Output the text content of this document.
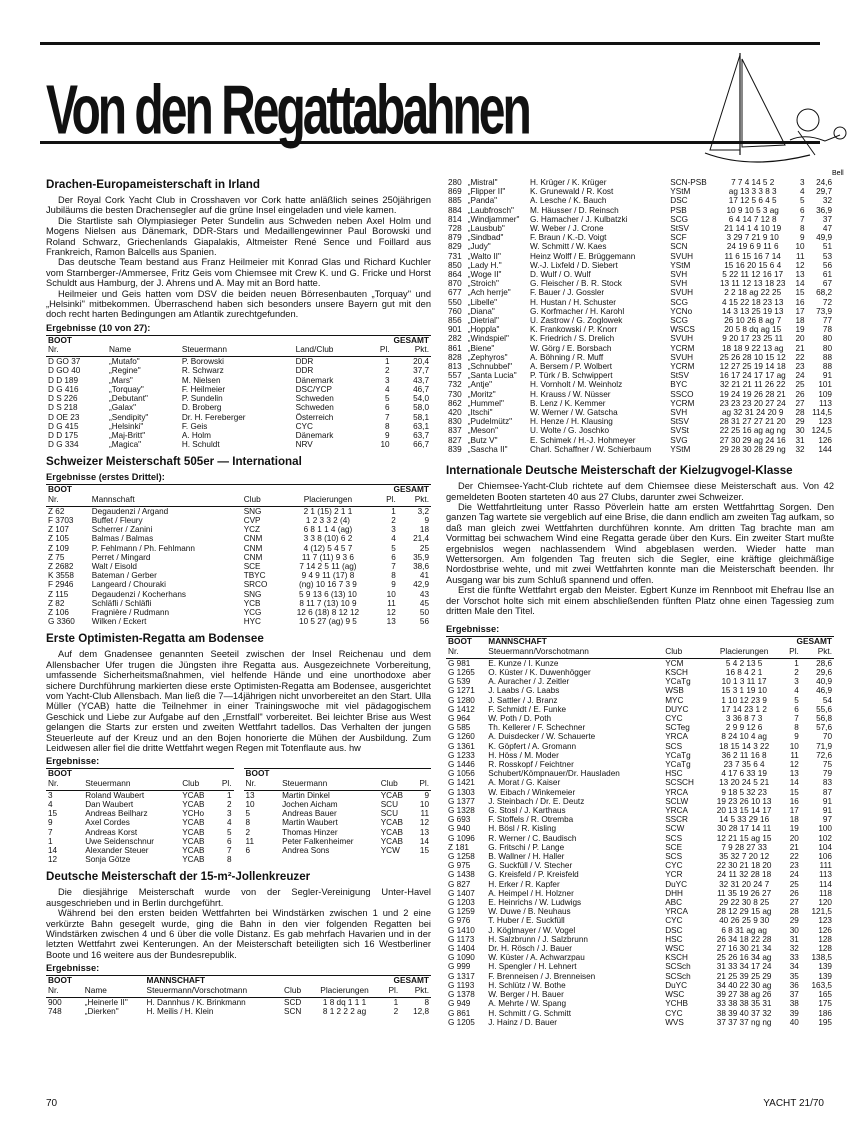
Von den Regattabahnen
Bell
Drachen-Europameisterschaft in Irland

Der Royal Cork Yacht Club in Crosshaven vor Cork hatte anläßlich seines 250jährigen Jubiläums die besten Drachensegler auf die grüne Insel eingeladen und viele kamen.

Die Startliste sah Olympiasieger Peter Sundelin aus Schweden neben Axel Holm und Mogens Nielsen aus Dänemark, DDR-Stars und Medaillengewinner Paul Borowski und Roland Schwarz, Griechenlands Giapalakis, Altmeister René Sence und Foillard aus Frankreich, Ramon Balcells aus Spanien.

Das deutsche Team bestand aus Franz Heilmeier mit Konrad Glas und Richard Kuchler vom Starnberger-/Ammersee, Fritz Geis vom Chiemsee mit Crew K. und G. Fricke und Horst Schuldt aus Hamburg, der J. Ahrens und A. May mit an Bord hatte.

Heilmeier und Geis hatten vom DSV die beiden neuen Börresenbauten „Torquay" und „Helsinki" mitbekommen. Überraschend haben sich besonders unsere Bayern gut mit den doch recht harten Bedingungen am Atlantik zurechtgefunden.

Ergebnisse (10 von 27):
BOOT				GESAMT	
Nr.	Name	Steuermann	Land/Club	Pl.	Pkt.

D GO 37	„Mutafo"	P. Borowski	DDR	1	20,4
D GO 40	„Regine"	R. Schwarz	DDR	2	37,7
D D 189	„Mars"	M. Nielsen	Dänemark	3	43,7
D G 416	„Torquay"	F. Heilmeier	DSC/YCP	4	46,7
D S 226	„Debutant"	P. Sundelin	Schweden	5	54,0
D S 218	„Galax"	D. Broberg	Schweden	6	58,0
D OE 23	„Sendipity"	Dr. H. Fereberger	Österreich	7	58,1
D G 415	„Helsinki"	F. Geis	CYC	8	63,1
D D 175	„Maj-Britt"	A. Holm	Dänemark	9	63,7
D G 334	„Magica"	H. Schuldt	NRV	10	66,7
Schweizer Meisterschaft 505er — International
Ergebnisse (erstes Drittel):
BOOT				GESAMT	
Nr.	Mannschaft	Club	Placierungen	Pl.	Pkt.

Z 62	Degaudenzi / Argand	SNG	2 1 (15) 2 1 1	1	3,2
F 3703	Buffet / Fleury	CVP	1 2 3 3 2 (4)	2	9
Z 107	Scherrer / Zanini	YCZ	6 8 1 1 4 (ag)	3	18
Z 105	Balmas / Balmas	CNM	3 3 8 (10) 6 2	4	21,4
Z 109	P. Fehlmann / Ph. Fehlmann	CNM	4 (12) 5 4 5 7	5	25
Z 75	Perret / Mingard	CNM	11 7 (11) 9 3 6	6	35,9
Z 2682	Walt / Eisold	SCE	7 14 2 5 11 (ag)	7	38,6
K 3558	Bateman / Gerber	TBYC	9 4 9 11 (17) 8	8	41
F 2946	Langeard / Chouraki	SRCO	(ng) 10 16 7 3 9	9	42,9
Z 115	Degaudenzi / Kocherhans	SNG	5 9 13 6 (13) 10	10	43
Z 82	Schläfli / Schläfli	YCB	8 11 7 (13) 10 9	11	45
Z 106	Fragnière / Rudmann	YCG	12 6 (18) 8 12 12	12	50
G 3360	Wilken / Eckert	HYC	10 5 27 (ag) 9 5	13	56
Erste Optimisten-Regatta am Bodensee

Auf dem Gnadensee genannten Seeteil zwischen der Insel Reichenau und dem Allensbacher Ufer trugen die Jüngsten ihre Regatta aus. Ausgezeichnete Vorbereitung, umfassende Sicherheitsmaßnahmen, viel helfende Hände und eine unorthodoxe aber sichere Durchführung markierten diese erste Optimisten-Regatta am Bodensee, ausgerichtet vom Yacht-Club Allensbach. Man ließ die 7—14jährigen nicht unvorbereitet an den Start. Ulla Müller (YCAB) hatte die Teilnehmer in einer Trainingswoche mit viel pädagogischem Geschick und Liebe zur Aufgabe auf den „Ernstfall" vorbereitet. Bei leichter Brise aus West gelangen die Starts zur ersten und zweiten Wettfahrt tadellos. Das Verhalten der jungen Steuerleute auf der Kreuz und an den Bojen honorierte die Mühen der Ausbildung. Zum Leidwesen aller fiel die dritte Wettfahrt wegen Regen mit Totenflaute aus. hw

Ergebnisse:
BOOT			
Nr.	Steuermann	Club	Pl.

3	Roland Waubert	YCAB	1
4	Dan Waubert	YCAB	2
15	Andreas Beilharz	YCHo	3
9	Axel Cordes	YCAB	4
7	Andreas Korst	YCAB	5
1	Uwe Seidenschnur	YCAB	6
14	Alexander Steuer	YCAB	7
12	Sonja Götze	YCAB	8
BOOT			
Nr.	Steuermann	Club	Pl.

13	Martin Dinkel	YCAB	9
10	Jochen Aicham	SCU	10
5	Andreas Bauer	SCU	11
8	Martin Waubert	YCAB	12
2	Thomas Hinzer	YCAB	13
11	Peter Falkenheimer	YCAB	14
6	Andrea Sons	YCW	15
Deutsche Meisterschaft der 15-m²-Jollenkreuzer

Die diesjährige Meisterschaft wurde von der Segler-Vereinigung Unter-Havel ausgeschrieben und in Berlin durchgeführt.

Während bei den ersten beiden Wettfahrten bei Windstärken zwischen 1 und 2 eine verkürzte Bahn gesegelt wurde, ging die Bahn in den vier folgenden Regatten bei Windstärken zwischen 4 und 6 über die volle Distanz. Es gab mehrfach Havarien und in der letzten Wettfahrt zwei Kenterungen. An der Meisterschaft beteiligten sich 16 Westberliner Boote und 16 weitere aus der Bundesrepublik.

Ergebnisse:
BOOT		MANNSCHAFT			GESAMT	
Nr.	Name	Steuermann/Vorschotmann	Club	Placierungen	Pl.	Pkt.

900	„Heinerle II"	H. Dannhus / K. Brinkmann	SCD	1 8 dq 1 1 1	1	8
748	„Dierken"	H. Meilis / H. Klein	SCN	8 1 2 2 2 ag	2	12,8
280	„Mistral"	H. Krüger / K. Krüger	SCN-PSB	7 7 4 14 5 2	3	24,6
869	„Flipper II"	K. Grunewald / R. Kost	YStM	ag 13 3 3 8 3	4	29,7
885	„Panda"	A. Lesche / K. Bauch	DSC	17 12 5 6 4 5	5	32
884	„Laubfrosch"	M. Häusser / D. Reinsch	PSB	10 9 10 5 3 ag	6	36,9
814	„Windjammer"	G. Hamacher / J. Kulbatzki	SCG	6 4 14 7 12 8	7	37
728	„Lausbub"	W. Weber / J. Crone	StSV	21 14 1 4 10 19	8	47
879	„Sindbad"	F. Braun / K.-D. Voigt	SCF	3 29 7 21 9 10	9	49,9
829	„Judy"	W. Schmitt / W. Kaes	SCN	24 19 6 9 11 6	10	51
731	„Walto II"	Heinz Wolff / E. Brüggemann	SVUH	11 6 15 16 7 14	11	53
850	„Lady H."	W.-J. Lixfeld / D. Siebert	YStM	15 16 20 15 6 4	12	56
864	„Woge II"	D. Wulf / O. Wulf	SVH	5 22 11 12 16 17	13	61
870	„Stroich"	G. Fleischer / B. R. Stock	SVH	13 11 12 13 18 23	14	67
677	„Ach herrje"	F. Bauer / J. Gossler	SVUH	2 2 18 ag 22 25	15	68,2
550	„Libelle"	H. Hustan / H. Schuster	SCG	4 15 22 18 23 13	16	72
760	„Diana"	G. Korfmacher / H. Karohl	YCNo	14 3 13 25 19 13	17	73,9
856	„Dietrial"	U. Zastrow / G. Zoglowek	SCG	26 10 26 8 ag 7	18	77
901	„Hoppla"	K. Frankowski / P. Knorr	WSCS	20 5 8 dq ag 15	19	78
282	„Windspiel"	K. Friedrich / S. Drelich	SVUH	9 20 17 23 25 11	20	80
861	„Biene"	W. Görg / E. Borsbach	YCRM	18 18 9 22 13 ag	21	80
828	„Zephyros"	A. Böhning / R. Muff	SVUH	25 26 28 10 15 12	22	88
813	„Schnubbel"	A. Bersem / P. Wolbert	YCRM	12 27 25 19 14 18	23	88
557	„Santa Lucia"	P. Türk / B. Schwippert	StSV	16 17 24 17 17 ag	24	91
732	„Antje"	H. Vornholt / M. Weinholz	BYC	32 21 21 11 26 22	25	101
730	„Moritz"	H. Krauss / W. Nüsser	SSCO	19 24 19 26 28 21	26	109
862	„Hummel"	B. Lenz / K. Kemmer	YCRM	23 23 23 20 27 24	27	113
420	„Itschi"	W. Werner / W. Gatscha	SVH	ag 32 31 24 20 9	28	114,5
830	„Pudelmütz"	H. Henze / H. Klausing	StSV	28 31 27 27 21 20	29	123
837	„Meson"	U. Wolte / G. Joschko	SVSt	22 25 16 ag ag ng	30	124,5
827	„Butz V"	E. Schimek / H.-J. Hohmeyer	SVG	27 30 29 ag 24 16	31	126
839	„Sascha II"	Charl. Schaffner / W. Schierbaum	YStM	29 28 30 28 29 ng	32	144
Internationale Deutsche Meisterschaft der Kielzugvogel-Klasse

Der Chiemsee-Yacht-Club richtete auf dem Chiemsee diese Meisterschaft aus. Von 42 gemeldeten Booten starteten 40 aus 27 Clubs, darunter zwei Schweizer.

Die Wettfahrtleitung unter Rasso Pöverlein hatte am ersten Wettfahrttag Sorgen. Den ganzen Tag wartete sie vergeblich auf eine Brise, die dann endlich am zweiten Tag aufkam, so daß man gleich zwei Wettfahrten durchführen konnte. Am dritten Tag brachte man am Vormittag bei schwachem Wind eine Regatta gerade über den Kurs. Ein zweiter Start mußte ergebnislos wegen nachlassendem Wind abgeblasen werden. Wieder hatte man Wettersorgen. Am folgenden Tag freuten sich die Segler, eine kräftige gleichmäßige Nordostbrise wehte, und mit zwei Wettfahrten konnte man die Meisterschaft beenden. Ihr Ausgang war bis zum Schluß spannend und offen.

Erst die fünfte Wettfahrt ergab den Meister. Egbert Kunze im Rennboot mit Ehefrau Ilse an der Vorschot holte sich mit einem abschließenden fünften Platz ohne einen Tagessieg zum dritten Male den Titel.

Ergebnisse:
BOOT	MANNSCHAFT			GESAMT	
Nr.	Steuermann/Vorschotmann	Club	Placierungen	Pl.	Pkt.

G 981	E. Kunze / I. Kunze	YCM	5 4 2 13 5	1	28,6
G 1265	O. Küster / K. Duwenhögger	KSCH	16 8 4 2 1	2	29,6
G 539	A. Auracher / J. Zeitler	YCaTg	10 1 3 11 17	3	40,9
G 1271	J. Laabs / G. Laabs	WSB	15 3 1 19 10	4	46,9
G 1280	J. Sattler / J. Branz	MYC	1 10 12 23 9	5	54
G 1412	F. Schmidt / E. Funke	DUYC	17 14 23 1 2	6	55,6
G 964	W. Poth / D. Poth	CYC	3 36 8 7 3	7	56,8
G 585	Th. Kellerer / F. Schechner	SCTeg	2 9 9 12 6	8	57,6
G 1260	A. Duisdecker / W. Schauerte	YRCA	8 24 10 4 ag	9	70
G 1361	K. Göpfert / A. Gromann	SCS	18 15 14 3 22	10	71,9
G 1233	H. Höss / M. Moder	YCaTg	36 2 11 16 8	11	72,6
G 1446	R. Rosskopf / Feichtner	YCaTg	23 7 35 6 4	12	75
G 1056	Schubert/Kömpnauer/Dr. Hausladen	HSC	4 17 6 33 19	13	79
G 1421	A. Morat / G. Kaiser	SCSCH	13 20 24 5 21	14	83
G 1303	W. Eibach / Winkemeier	YRCA	9 18 5 32 23	15	87
G 1377	J. Steinbach / Dr. E. Deutz	SCLW	19 23 26 10 13	16	91
G 1328	G. Stosl / J. Karthaus	YRCA	20 13 15 14 17	17	91
G 693	F. Stoffels / R. Otremba	SSCR	14 5 33 29 16	18	97
G 940	H. Bösl / R. Kisling	SCW	30 28 17 14 11	19	100
G 1096	R. Werner / C. Baudisch	SCS	12 21 15 ag 15	20	102
Z 181	G. Fritschi / P. Lange	SCE	7 9 28 27 33	21	104
G 1258	B. Wallner / H. Haller	SCS	35 32 7 20 12	22	106
G 975	G. Suckfüll / V. Stecher	CYC	22 30 21 18 20	23	111
G 1438	G. Kreisfeld / P. Kreisfeld	YCR	24 11 32 28 18	24	113
G 827	H. Erker / R. Kapfer	DuYC	32 31 20 24 7	25	114
G 1407	A. Heimpel / H. Holzner	DHH	11 35 19 26 27	26	118
G 1203	E. Heinrichs / W. Ludwigs	ABC	29 22 30 8 25	27	120
G 1259	W. Duwe / B. Neuhaus	YRCA	28 12 29 15 ag	28	121,5
G 976	T. Huber / E. Suckfüll	CYC	40 26 25 9 30	29	123
G 1410	J. Köglmayer / W. Vogel	DSC	6 8 31 ag ag	30	126
G 1173	H. Salzbrunn / J. Salzbrunn	HSC	26 34 18 22 28	31	128
G 1404	Dr. H. Rösch / J. Bauer	WSC	27 16 30 21 34	32	128
G 1090	W. Küster / A. Achwarzpau	KSCH	25 26 16 34 ag	33	138,5
G 999	H. Spengler / H. Lehnert	SCSch	31 33 34 17 24	34	139
G 1317	F. Brenneisen / J. Brenneisen	SCSch	21 25 39 25 29	35	139
G 1193	H. Schlütz / W. Bothe	DuYC	34 40 22 30 ag	36	163,5
G 1378	W. Berger / H. Bauer	WSC	39 27 38 ag 26	37	165
G 949	A. Mehrte / W. Spang	YCHB	33 38 38 35 31	38	175
G 861	H. Schmitt / G. Schmitt	CYC	38 39 40 37 32	39	186
G 1205	J. Hainz / D. Bauer	WVS	37 37 37 ng ng	40	195
70	YACHT 21/70
